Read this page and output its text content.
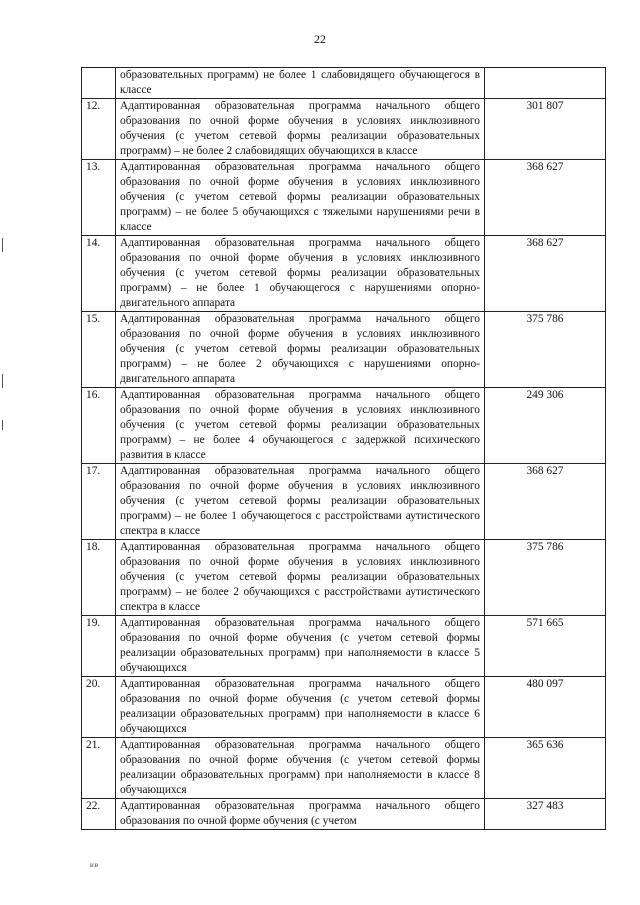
22
	образовательных программ) не более 1 слабовидящего обучающегося в классе	
12.	Адаптированная образовательная программа начального общего образования по очной форме обучения в условиях инклюзивного обучения (с учетом сетевой формы реализации образовательных программ) – не более 2 слабовидящих обучающихся в классе	301 807
13.	Адаптированная образовательная программа начального общего образования по очной форме обучения в условиях инклюзивного обучения (с учетом сетевой формы реализации образовательных программ) – не более 5 обучающихся с тяжелыми нарушениями речи в классе	368 627
14.	Адаптированная образовательная программа начального общего образования по очной форме обучения в условиях инклюзивного обучения (с учетом сетевой формы реализации образовательных программ) – не более 1 обучающегося с нарушениями опорно-двигательного аппарата	368 627
15.	Адаптированная образовательная программа начального общего образования по очной форме обучения в условиях инклюзивного обучения (с учетом сетевой формы реализации образовательных программ) – не более 2 обучающихся с нарушениями опорно-двигательного аппарата	375 786
16.	Адаптированная образовательная программа начального общего образования по очной форме обучения в условиях инклюзивного обучения (с учетом сетевой формы реализации образовательных программ) – не более 4 обучающегося с задержкой психического развития в классе	249 306
17.	Адаптированная образовательная программа начального общего образования по очной форме обучения в условиях инклюзивного обучения (с учетом сетевой формы реализации образовательных программ) – не более 1 обучающегося с расстройствами аутистического спектра в классе	368 627
18.	Адаптированная образовательная программа начального общего образования по очной форме обучения в условиях инклюзивного обучения (с учетом сетевой формы реализации образовательных программ) – не более 2 обучающихся с расстройствами аутистического спектра в классе	375 786
19.	Адаптированная образовательная программа начального общего образования по очной форме обучения (с учетом сетевой формы реализации образовательных программ) при наполняемости в классе 5 обучающихся	571 665
20.	Адаптированная образовательная программа начального общего образования по очной форме обучения (с учетом сетевой формы реализации образовательных программ) при наполняемости в классе 6 обучающихся	480 097
21.	Адаптированная образовательная программа начального общего образования по очной форме обучения (с учетом сетевой формы реализации образовательных программ) при наполняемости в классе 8 обучающихся	365 636
22.	Адаптированная образовательная программа начального общего образования по очной форме обучения (с учетом	327 483
нв
